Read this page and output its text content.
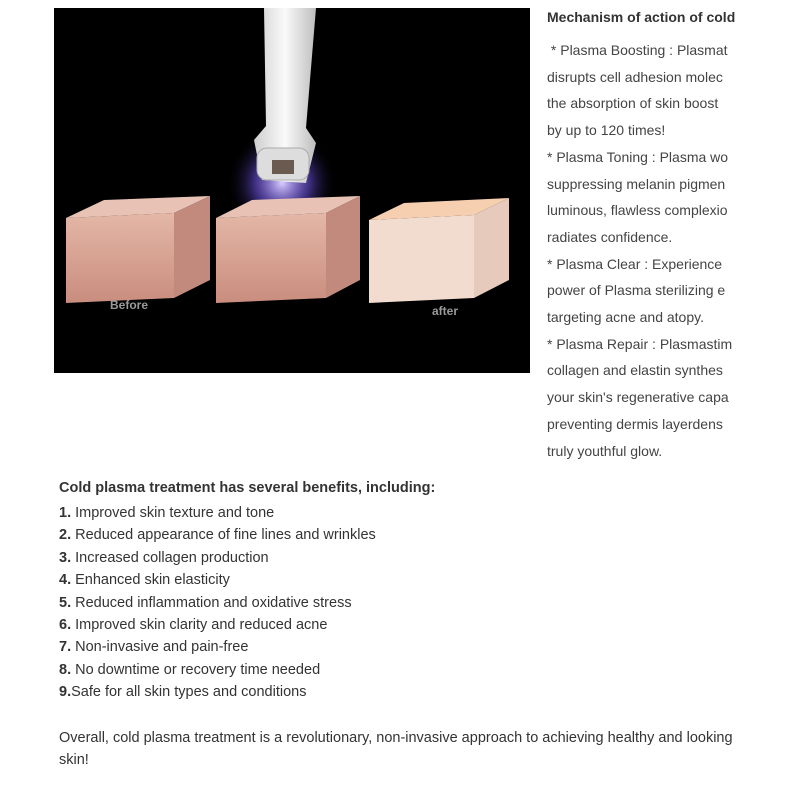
Before	after
Mechanism of action of cold
* Plasma Boosting : Plasmat
disrupts cell adhesion molec
the absorption of skin boost
by up to 120 times!
* Plasma Toning : Plasma wo
suppressing melanin pigmen
luminous, flawless complexio
radiates confidence.
* Plasma Clear : Experience
power of Plasma sterilizing e
targeting acne and atopy.
* Plasma Repair : Plasmastim
collagen and elastin synthes
your skin's regenerative capa
preventing dermis layerdens
truly youthful glow.
Cold plasma treatment has several benefits, including:
1. Improved skin texture and tone
2. Reduced appearance of fine lines and wrinkles
3. Increased collagen production
4. Enhanced skin elasticity
5. Reduced inflammation and oxidative stress
6. Improved skin clarity and reduced acne
7. Non-invasive and pain-free
8. No downtime or recovery time needed
9.Safe for all skin types and conditions

Overall, cold plasma treatment is a revolutionary, non-invasive approach to achieving healthy and looking skin!
